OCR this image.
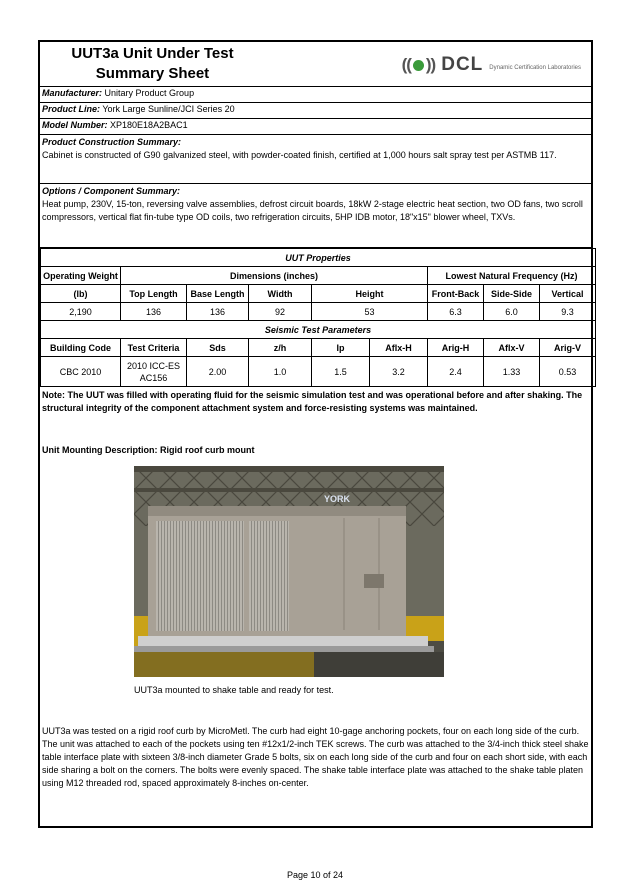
UUT3a Unit Under Test
Summary Sheet	(( )) DCL Dynamic Certification Laboratories
Manufacturer: Unitary Product Group
Product Line: York Large Sunline/JCI Series 20
Model Number: XP180E18A2BAC1
Product Construction Summary:
Cabinet is constructed of G90 galvanized steel, with powder-coated finish, certified at 1,000 hours salt spray test per ASTMB 117.
Options / Component Summary:
Heat pump, 230V, 15-ton, reversing valve assemblies, defrost circuit boards, 18kW 2-stage electric heat section, two OD fans, two scroll compressors, vertical flat fin-tube type OD coils, two refrigeration circuits, 5HP IDB motor, 18"x15" blower wheel, TXVs.
UUT Properties								
Operating Weight	Dimensions (inches)					Lowest Natural Frequency (Hz)		
(lb)	Top Length	Base Length	Width	Height		Front-Back	Side-Side	Vertical
2,190	136	136	92	53		6.3	6.0	9.3
Seismic Test Parameters								
Building Code	Test Criteria	Sds	z/h	Ip	Aflx-H	Arig-H	Aflx-V	Arig-V
CBC 2010	2010 ICC-ES
AC156	2.00	1.0	1.5	3.2	2.4	1.33	0.53
Note: The UUT was filled with operating fluid for the seismic simulation test and was operational before and after shaking. The structural integrity of the component attachment system and force-resisting systems was maintained.
Unit Mounting Description: Rigid roof curb mount
YORK
UUT3a mounted to shake table and ready for test.
UUT3a was tested on a rigid roof curb by MicroMetl. The curb had eight 10-gage anchoring pockets, four on each long side of the curb. The unit was attached to each of the pockets using ten #12x1/2-inch TEK screws. The curb was attached to the 3/4-inch thick steel shake table interface plate with sixteen 3/8-inch diameter Grade 5 bolts, six on each long side of the curb and four on each short side, with each side sharing a bolt on the corners. The bolts were evenly spaced. The shake table interface plate was attached to the shake table platen using M12 threaded rod, spaced approximately 8-inches on-center.
Page 10 of 24
